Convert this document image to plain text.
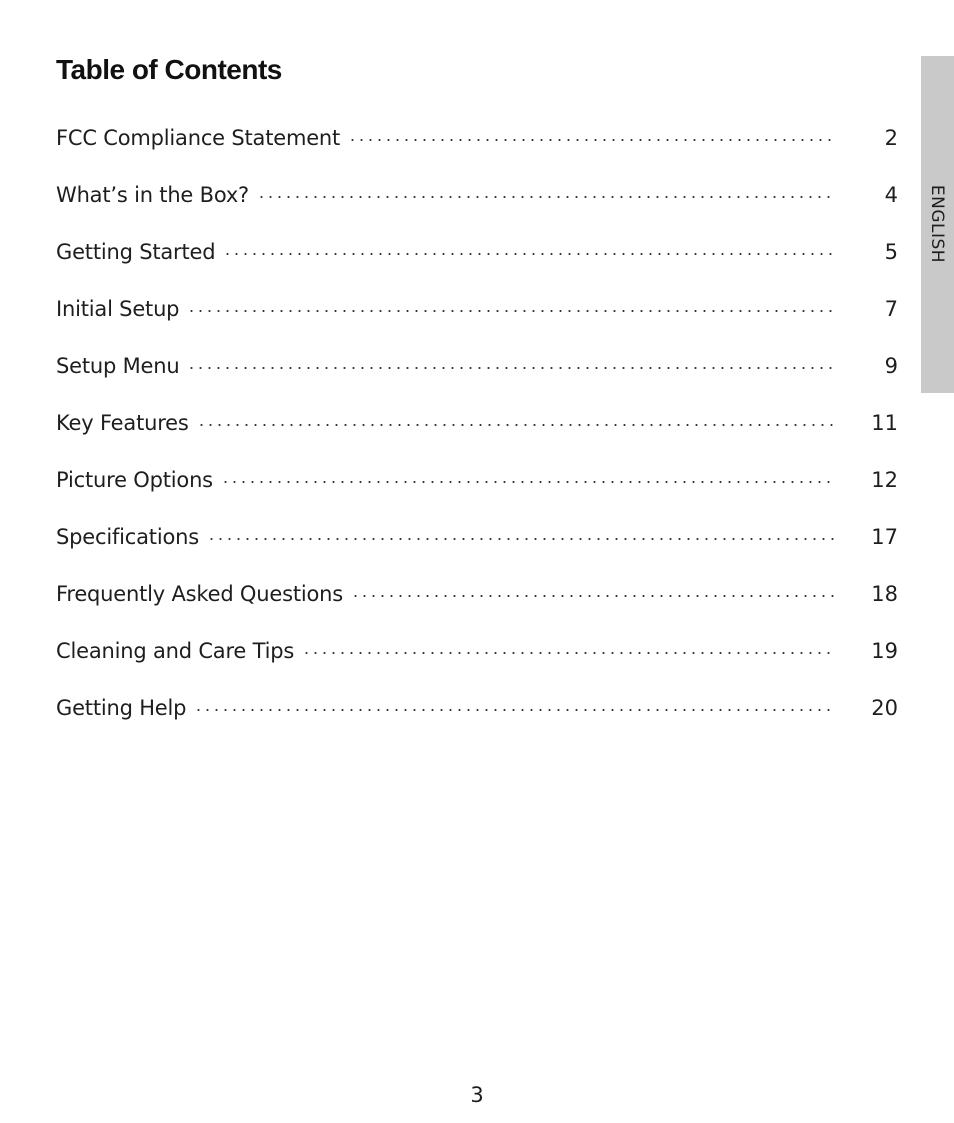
Table of Contents
FCC Compliance Statement	2
What’s in the Box?	4
Getting Started	5
Initial Setup	7
Setup Menu	9
Key Features	11
Picture Options	12
Specifications	17
Frequently Asked Questions	18
Cleaning and Care Tips	19
Getting Help	20
ENGLISH
3
